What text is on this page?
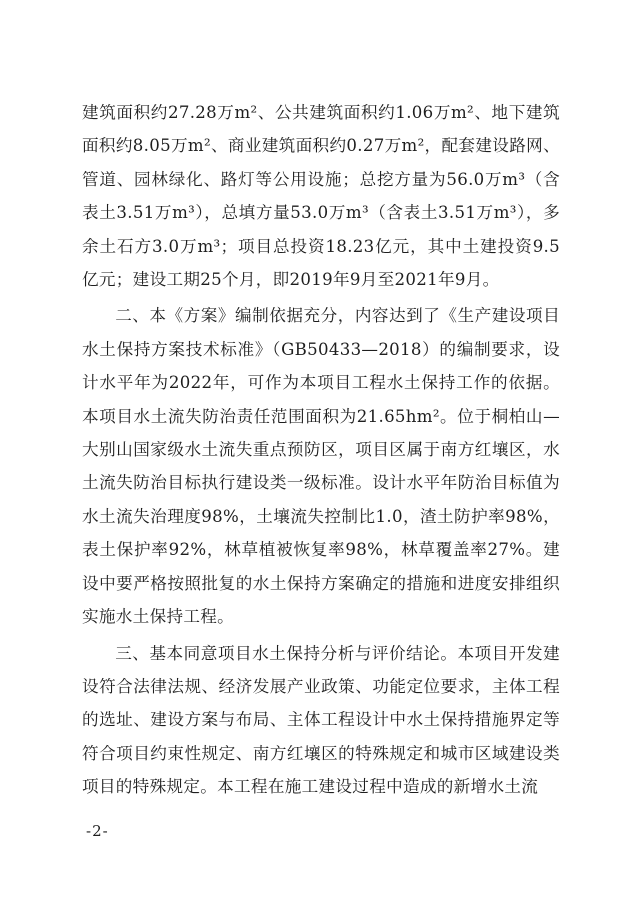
建筑面积约27.28万m²、公共建筑面积约1.06万m²、地下建筑面积约8.05万m²、商业建筑面积约0.27万m²，配套建设路网、管道、园林绿化、路灯等公用设施；总挖方量为56.0万m³（含表土3.51万m³），总填方量53.0万m³（含表土3.51万m³），多余土石方3.0万m³；项目总投资18.23亿元，其中土建投资9.5亿元；建设工期25个月，即2019年9月至2021年9月。

二、本《方案》编制依据充分，内容达到了《生产建设项目水土保持方案技术标准》（GB50433—2018）的编制要求，设计水平年为2022年，可作为本项目工程水土保持工作的依据。本项目水土流失防治责任范围面积为21.65hm²。位于桐柏山—大别山国家级水土流失重点预防区，项目区属于南方红壤区，水土流失防治目标执行建设类一级标准。设计水平年防治目标值为水土流失治理度98%，土壤流失控制比1.0，渣土防护率98%，表土保护率92%，林草植被恢复率98%，林草覆盖率27%。建设中要严格按照批复的水土保持方案确定的措施和进度安排组织实施水土保持工程。

三、基本同意项目水土保持分析与评价结论。本项目开发建设符合法律法规、经济发展产业政策、功能定位要求，主体工程的选址、建设方案与布局、主体工程设计中水土保持措施界定等符合项目约束性规定、南方红壤区的特殊规定和城市区域建设类项目的特殊规定。本工程在施工建设过程中造成的新增水土流

-2-
